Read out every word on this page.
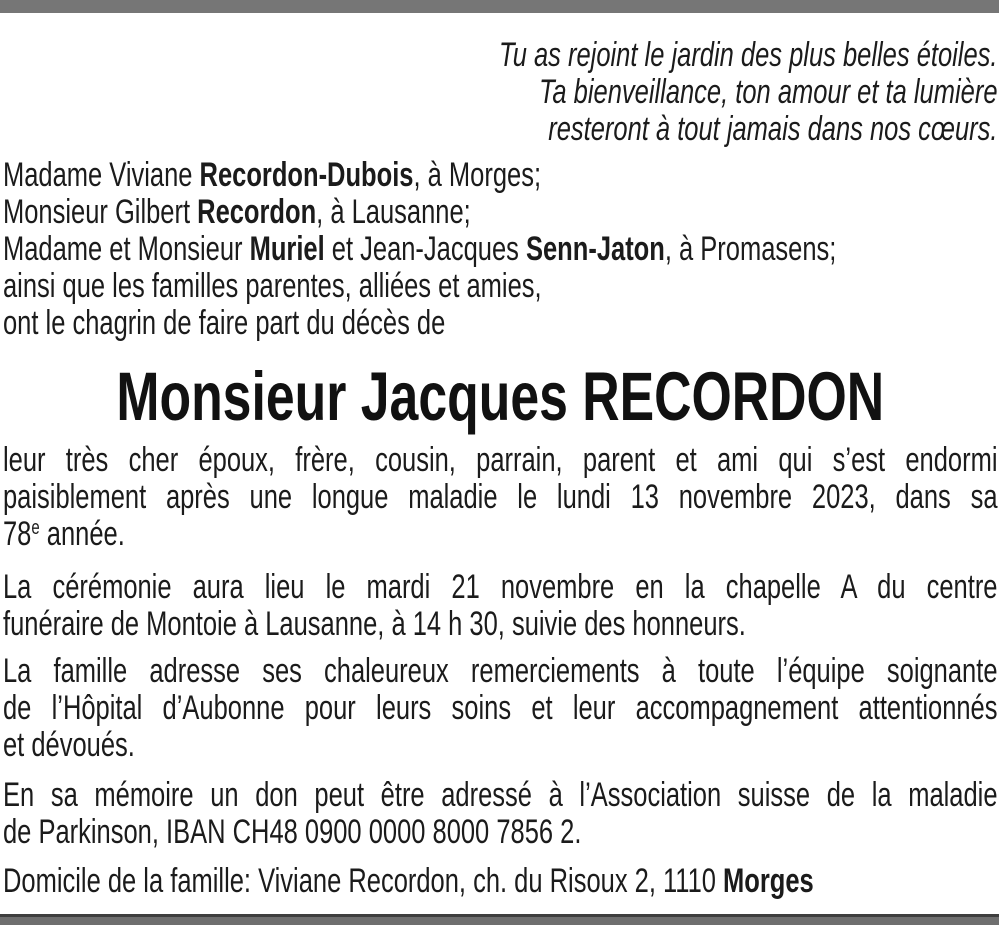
Tu as rejoint le jardin des plus belles étoiles.
Ta bienveillance, ton amour et ta lumière
resteront à tout jamais dans nos cœurs.
Madame Viviane Recordon-Dubois, à Morges;
Monsieur Gilbert Recordon, à Lausanne;
Madame et Monsieur Muriel et Jean-Jacques Senn-Jaton, à Promasens;
ainsi que les familles parentes, alliées et amies,
ont le chagrin de faire part du décès de
Monsieur Jacques RECORDON
leur très cher époux, frère, cousin, parrain, parent et ami qui s’est endormi
paisiblement après une longue maladie le lundi 13 novembre 2023, dans sa
78e année.
La cérémonie aura lieu le mardi 21 novembre en la chapelle A du centre
funéraire de Montoie à Lausanne, à 14 h 30, suivie des honneurs.
La famille adresse ses chaleureux remerciements à toute l’équipe soignante
de l’Hôpital d’Aubonne pour leurs soins et leur accompagnement attentionnés
et dévoués.
En sa mémoire un don peut être adressé à l’Association suisse de la maladie
de Parkinson, IBAN CH48 0900 0000 8000 7856 2.
Domicile de la famille: Viviane Recordon, ch. du Risoux 2, 1110 Morges
